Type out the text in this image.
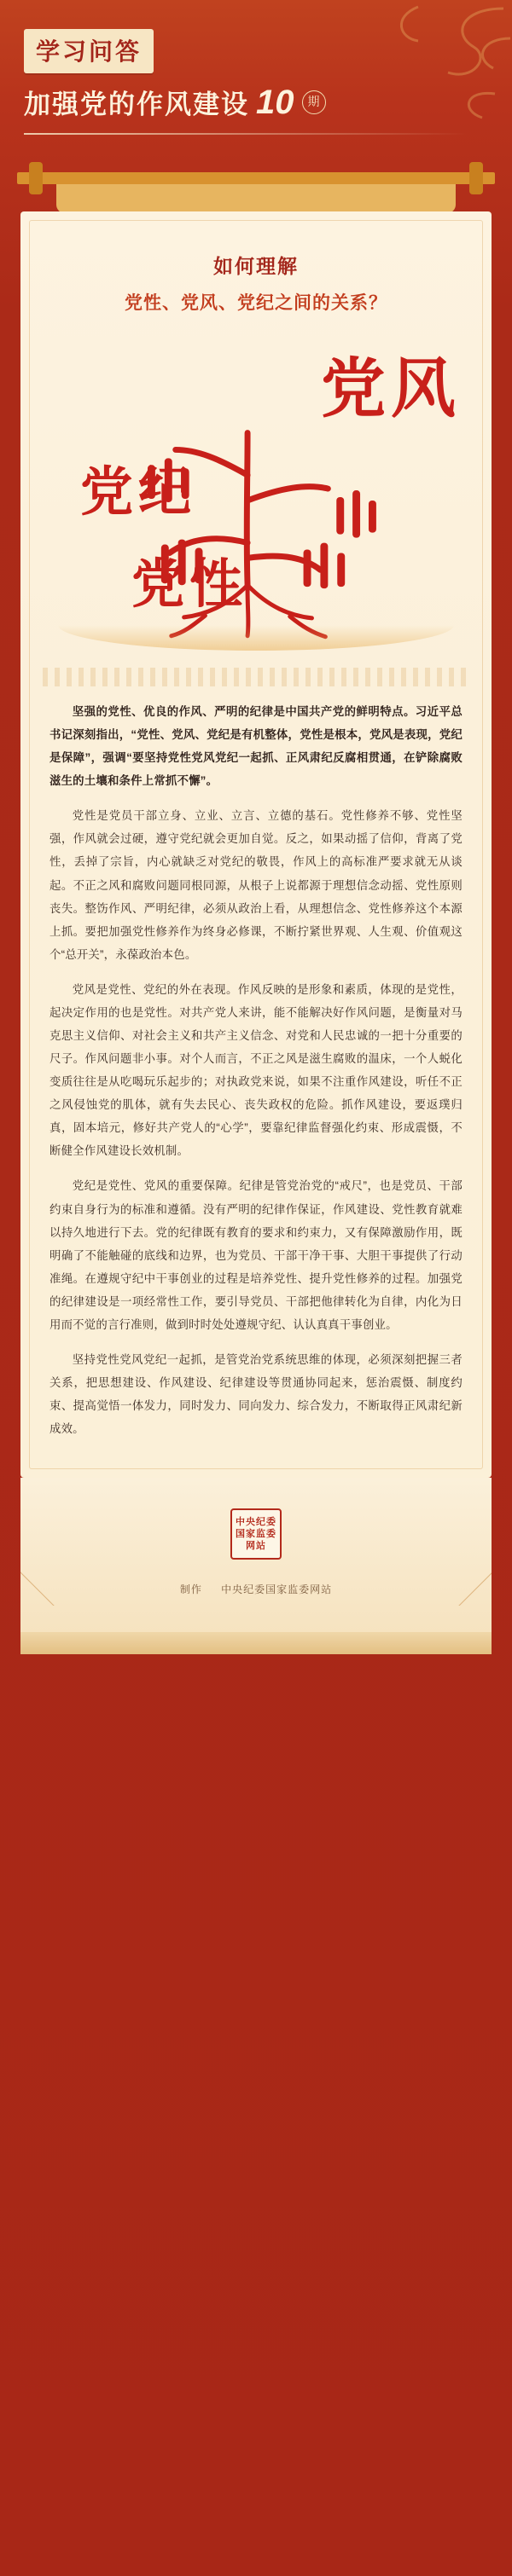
学习问答
加强党的作风建设 10	期
如何理解
党性、党风、党纪之间的关系？
党风
党纪
党性

坚强的党性、优良的作风、严明的纪律是中国共产党的鲜明特点。习近平总书记深刻指出，“党性、党风、党纪是有机整体，党性是根本，党风是表现，党纪是保障”，强调“要坚持党性党风党纪一起抓、正风肃纪反腐相贯通，在铲除腐败滋生的土壤和条件上常抓不懈”。

党性是党员干部立身、立业、立言、立德的基石。党性修养不够、党性坚强，作风就会过硬，遵守党纪就会更加自觉。反之，如果动摇了信仰，背离了党性，丢掉了宗旨，内心就缺乏对党纪的敬畏，作风上的高标准严要求就无从谈起。不正之风和腐败问题同根同源，从根子上说都源于理想信念动摇、党性原则丧失。整饬作风、严明纪律，必须从政治上看，从理想信念、党性修养这个本源上抓。要把加强党性修养作为终身必修课，不断拧紧世界观、人生观、价值观这个“总开关”，永葆政治本色。

党风是党性、党纪的外在表现。作风反映的是形象和素质，体现的是党性，起决定作用的也是党性。对共产党人来讲，能不能解决好作风问题，是衡量对马克思主义信仰、对社会主义和共产主义信念、对党和人民忠诚的一把十分重要的尺子。作风问题非小事。对个人而言，不正之风是滋生腐败的温床，一个人蜕化变质往往是从吃喝玩乐起步的；对执政党来说，如果不注重作风建设，听任不正之风侵蚀党的肌体，就有失去民心、丧失政权的危险。抓作风建设，要返璞归真，固本培元，修好共产党人的“心学”，要靠纪律监督强化约束、形成震慑，不断健全作风建设长效机制。

党纪是党性、党风的重要保障。纪律是管党治党的“戒尺”，也是党员、干部约束自身行为的标准和遵循。没有严明的纪律作保证，作风建设、党性教育就难以持久地进行下去。党的纪律既有教育的要求和约束力，又有保障激励作用，既明确了不能触碰的底线和边界，也为党员、干部干净干事、大胆干事提供了行动准绳。在遵规守纪中干事创业的过程是培养党性、提升党性修养的过程。加强党的纪律建设是一项经常性工作，要引导党员、干部把他律转化为自律，内化为日用而不觉的言行准则，做到时时处处遵规守纪、认认真真干事创业。

坚持党性党风党纪一起抓，是管党治党系统思维的体现，必须深刻把握三者关系，把思想建设、作风建设、纪律建设等贯通协同起来，惩治震慑、制度约束、提高觉悟一体发力，同时发力、同向发力、综合发力，不断取得正风肃纪新成效。

中央纪委
国家监委
网站
制作 中央纪委国家监委网站
